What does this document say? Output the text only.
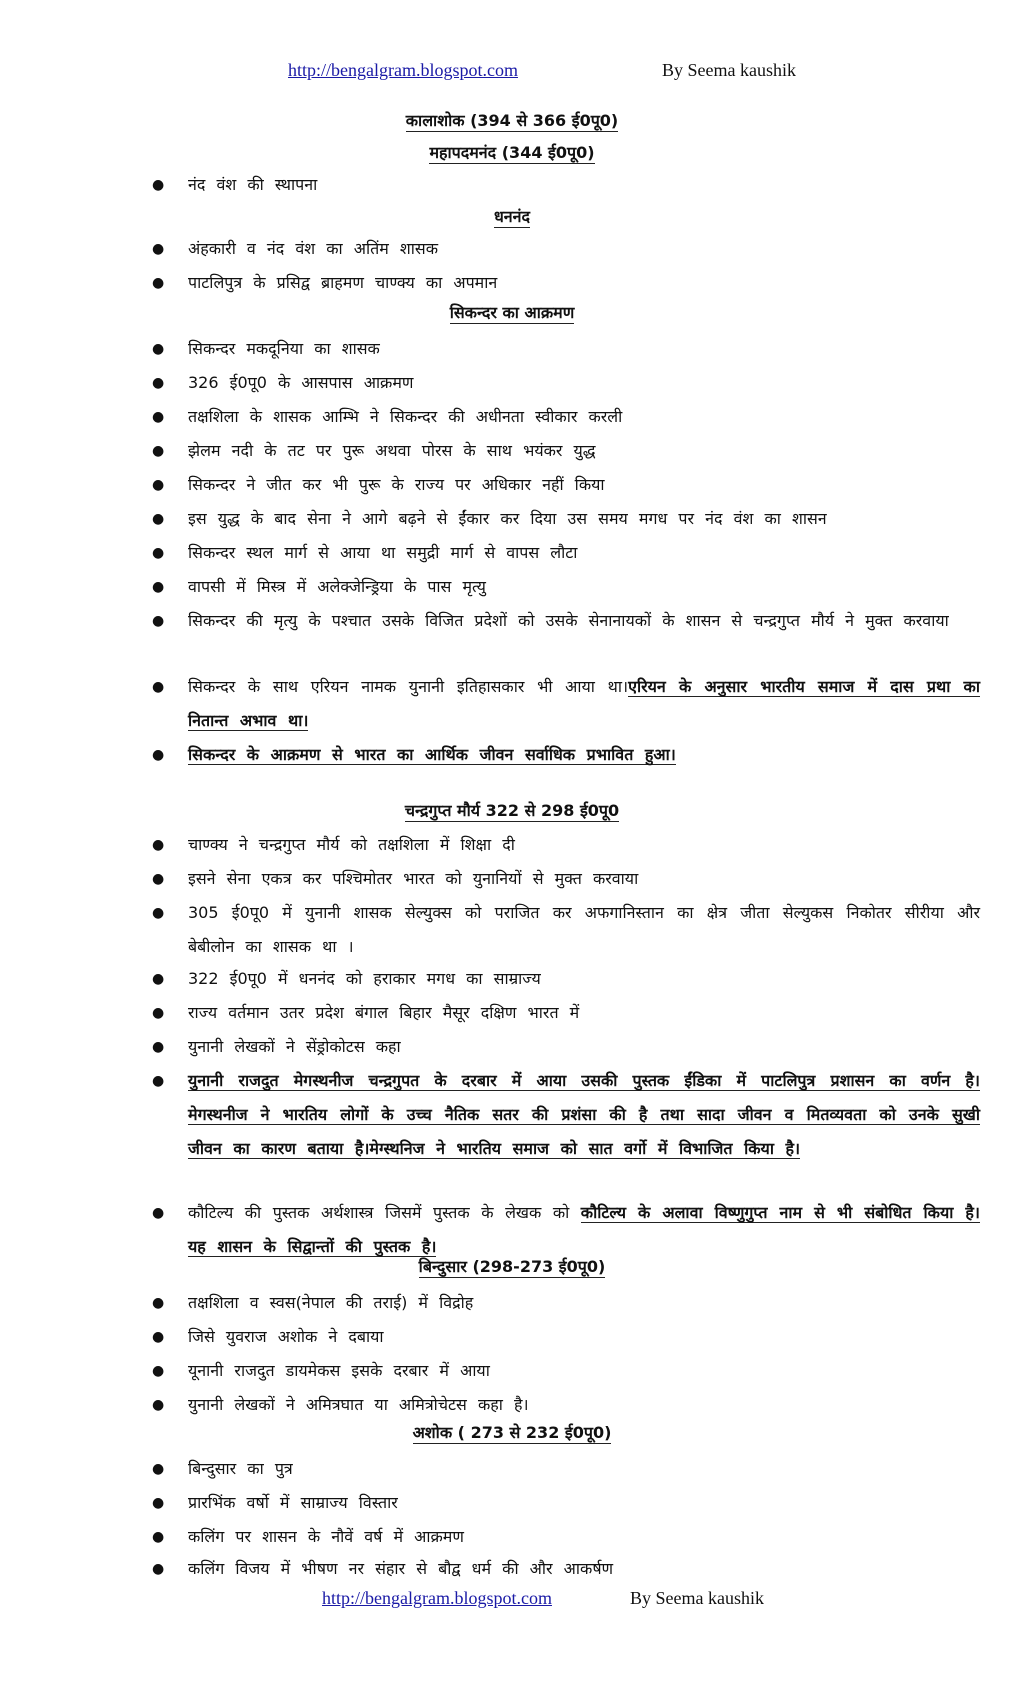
http://bengalgram.blogspot.com	By Seema kaushik
कालाशोक (394 से 366 ई0पू0)
महापदमनंद (344 ई0पू0)
●	नंद वंश की स्थापना
धननंद
●	अंहकारी व नंद वंश का अतिंम शासक
●	पाटलिपुत्र के प्रसिद्व ब्राहमण चाण्क्य का अपमान
सिकन्दर का आक्रमण
●	सिकन्दर मकदूनिया का शासक
●	326 ई0पू0 के आसपास आक्रमण
●	तक्षशिला के शासक आम्भि ने सिकन्दर की अधीनता स्वीकार करली
●	झेलम नदी के तट पर पुरू अथवा पोरस के साथ भयंकर युद्ध
●	सिकन्दर ने जीत कर भी पुरू के राज्य पर अधिकार नहीं किया
●	इस युद्ध के बाद सेना ने आगे बढ़ने से ईंकार कर दिया उस समय मगध पर नंद वंश का शासन
●	सिकन्दर स्थल मार्ग से आया था समुद्री मार्ग से वापस लौटा
●	वापसी में मिस्त्र में अलेक्जेन्ड्रिया के पास मृत्यु
●	सिकन्दर की मृत्यु के पश्चात उसके विजित प्रदेशों को उसके सेनानायकों के शासन से चन्द्रगुप्त मौर्य ने मुक्त करवाया
●	सिकन्दर के साथ एरियन नामक युनानी इतिहासकार भी आया था।एरियन के अनुसार भारतीय समाज में दास प्रथा का नितान्त अभाव था।
●	सिकन्दर के आक्रमण से भारत का आर्थिक जीवन सर्वाधिक प्रभावित हुआ।
चन्द्रगुप्त मौर्य 322 से 298 ई0पू0
●	चाण्क्य ने चन्द्रगुप्त मौर्य को तक्षशिला में शिक्षा दी
●	इसने सेना एकत्र कर पश्चिमोतर भारत को युनानियों से मुक्त करवाया
●	305 ई0पू0 में युनानी शासक सेल्युक्स को पराजित कर अफगानिस्तान का क्षेत्र जीता सेल्युकस निकोतर सीरीया और बेबीलोन का शासक था ।
●	322 ई0पू0 में धननंद को हराकार मगध का साम्राज्य
●	राज्य वर्तमान उतर प्रदेश बंगाल बिहार मैसूर दक्षिण भारत में
●	युनानी लेखकों ने सेंड्रोकोटस कहा
●	युनानी राजदुत मेगस्थनीज चन्द्रगुपत के दरबार में आया उसकी पुस्तक ईंडिका में पाटलिपुत्र प्रशासन का वर्णन है।मेगस्थनीज ने भारतिय लोगों के उच्च नैतिक सतर की प्रशंसा की है तथा सादा जीवन व मितव्यवता को उनके सुखी जीवन का कारण बताया है।मेग्स्थनिज ने भारतिय समाज को सात वर्गो में विभाजित किया है।
●	कौटिल्य की पुस्तक अर्थशास्त्र जिसमें पुस्तक के लेखक को कौटिल्य के अलावा विष्णुगुप्त नाम से भी संबोधित किया है।यह शासन के सिद्वान्तों की पुस्तक है।
बिन्दुसार (298-273 ई0पू0)
●	तक्षशिला व स्वस(नेपाल की तराई) में विद्रोह
●	जिसे युवराज अशोक ने दबाया
●	यूनानी राजदुत डायमेकस इसके दरबार में आया
●	युनानी लेखकों ने अमित्रघात या अमित्रोचेटस कहा है।
अशोक ( 273 से 232 ई0पू0)
●	बिन्दुसार का पुत्र
●	प्रारभिंक वर्षो में साम्राज्य विस्तार
●	कलिंग पर शासन के नौवें वर्ष में आक्रमण
●	कलिंग विजय में भीषण नर संहार से बौद्व धर्म की और आकर्षण
http://bengalgram.blogspot.com	By Seema kaushik
